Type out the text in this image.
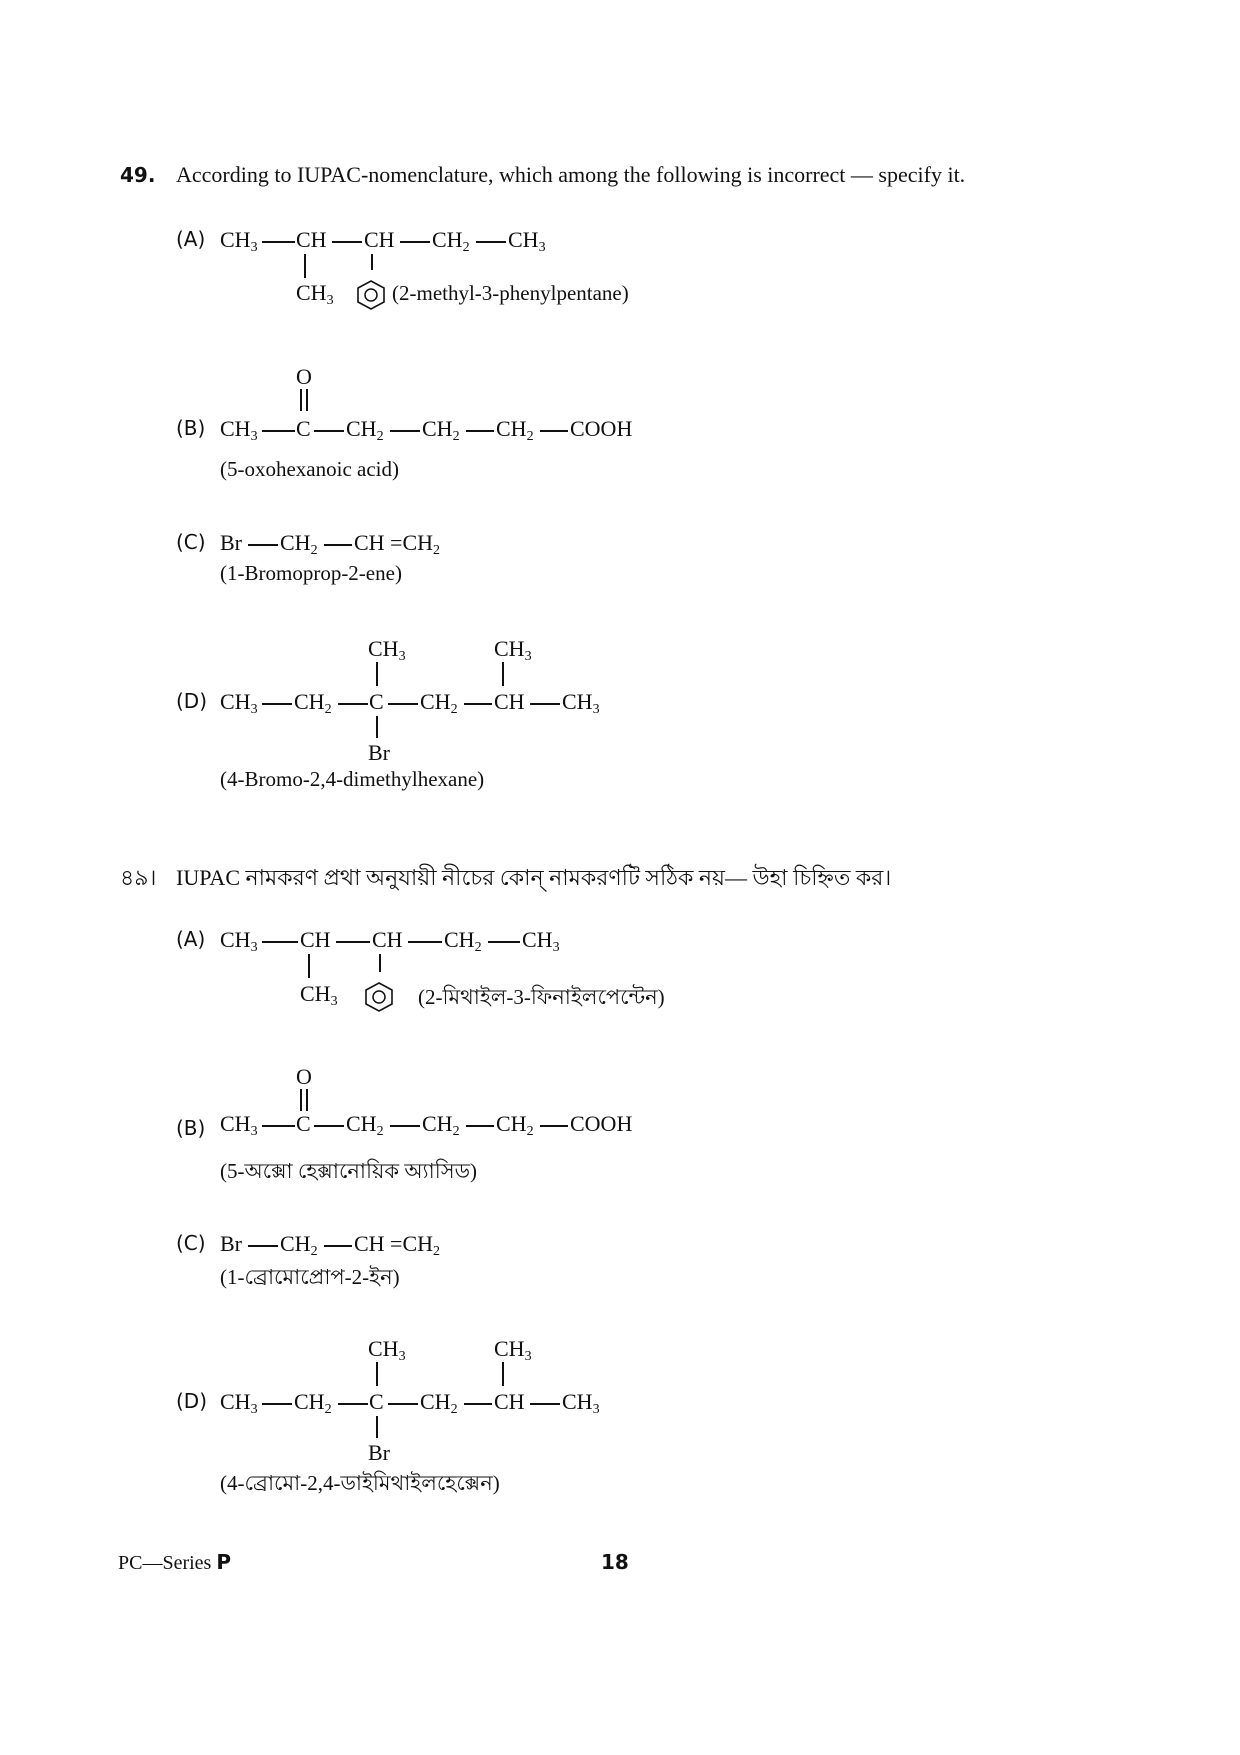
49. According to IUPAC-nomenclature, which among the following is incorrect — specify it.
(A) $CH_3$ CH CH $CH_2$ $CH_3$
$CH_3$	(2-methyl-3-phenylpentane)
(B)
O
$CH_3$ C $CH_2$ $CH_2$ $CH_2$ COOH
(5-oxohexanoic acid)
(C) Br $CH_2$ CH $=CH_2$
(1-Bromoprop-2-ene)
(D)
$CH_3$	$CH_3$
$CH_3$ $CH_2$ C $CH_2$ CH $CH_3$
Br
(4-Bromo-2,4-dimethylhexane)
৪৯। IUPAC নামকরণ প্রথা অনুযায়ী নীচের কোন্ নামকরণটি সঠিক নয়— উহা চিহ্নিত কর।
(A) $CH_3$ CH CH $CH_2$ $CH_3$
$CH_3$	(2-মিথাইল-3-ফিনাইলপেন্টেন)
(B)
O
$CH_3$ C $CH_2$ $CH_2$ $CH_2$ COOH
(5-অক্সো হেক্সানোয়িক অ্যাসিড)
(C) Br $CH_2$ CH $=CH_2$
(1-ব্রোমোপ্রোপ-2-ইন)
(D)
$CH_3$	$CH_3$
$CH_3$ $CH_2$ C $CH_2$ CH $CH_3$
Br
(4-ব্রোমো-2,4-ডাইমিথাইলহেক্সেন)
PC—Series P	18
